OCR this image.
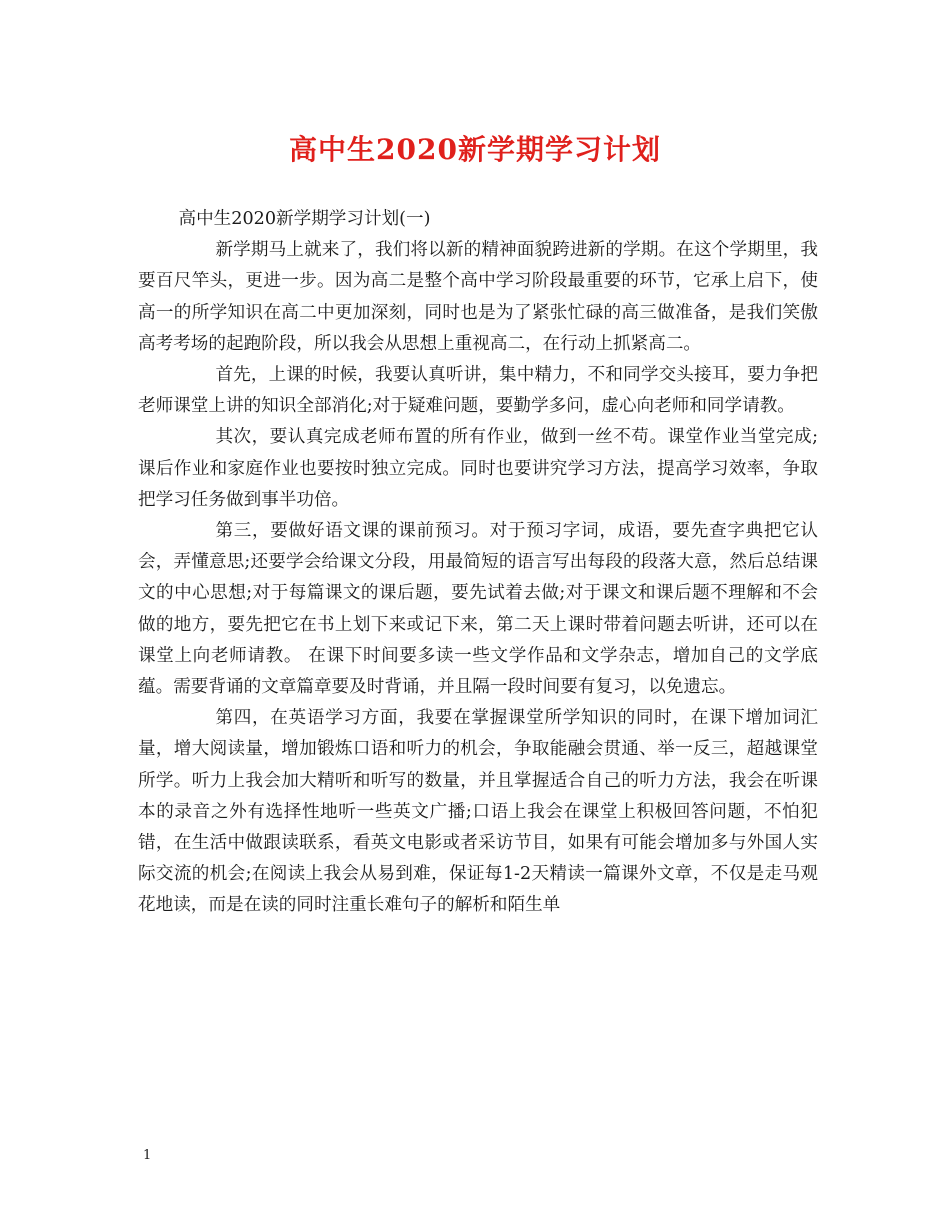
高中生2020新学期学习计划

高中生2020新学期学习计划(一)

新学期马上就来了，我们将以新的精神面貌跨进新的学期。在这个学期里，我要百尺竿头，更进一步。因为高二是整个高中学习阶段最重要的环节，它承上启下，使高一的所学知识在高二中更加深刻，同时也是为了紧张忙碌的高三做准备，是我们笑傲高考考场的起跑阶段，所以我会从思想上重视高二，在行动上抓紧高二。

首先，上课的时候，我要认真听讲，集中精力，不和同学交头接耳，要力争把老师课堂上讲的知识全部消化;对于疑难问题，要勤学多问，虚心向老师和同学请教。

其次，要认真完成老师布置的所有作业，做到一丝不苟。课堂作业当堂完成;课后作业和家庭作业也要按时独立完成。同时也要讲究学习方法，提高学习效率，争取把学习任务做到事半功倍。

第三，要做好语文课的课前预习。对于预习字词，成语，要先查字典把它认会，弄懂意思;还要学会给课文分段，用最简短的语言写出每段的段落大意，然后总结课文的中心思想;对于每篇课文的课后题，要先试着去做;对于课文和课后题不理解和不会做的地方，要先把它在书上划下来或记下来，第二天上课时带着问题去听讲，还可以在课堂上向老师请教。 在课下时间要多读一些文学作品和文学杂志，增加自己的文学底蕴。需要背诵的文章篇章要及时背诵，并且隔一段时间要有复习，以免遗忘。

第四，在英语学习方面，我要在掌握课堂所学知识的同时，在课下增加词汇量，增大阅读量，增加锻炼口语和听力的机会，争取能融会贯通、举一反三，超越课堂所学。听力上我会加大精听和听写的数量，并且掌握适合自己的听力方法，我会在听课本的录音之外有选择性地听一些英文广播;口语上我会在课堂上积极回答问题，不怕犯错，在生活中做跟读联系，看英文电影或者采访节目，如果有可能会增加多与外国人实际交流的机会;在阅读上我会从易到难，保证每1-2天精读一篇课外文章，不仅是走马观花地读，而是在读的同时注重长难句子的解析和陌生单

1
